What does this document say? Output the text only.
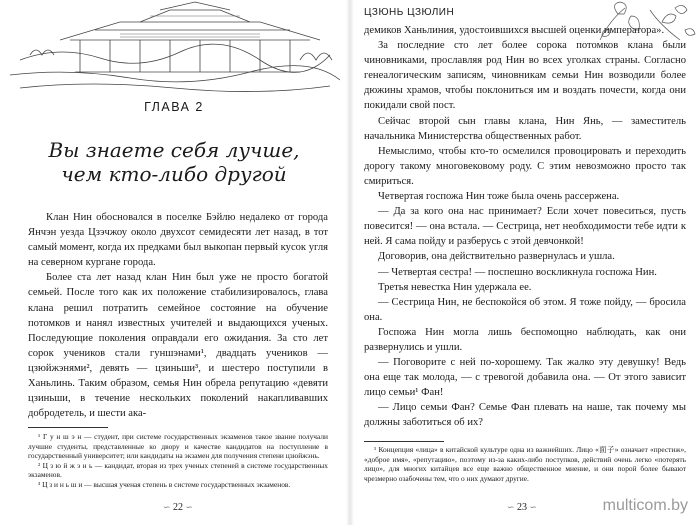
ГЛАВА 2
Вы знаете себя лучше,
чем кто-либо другой

Клан Нин обосновался в поселке Бэйлю недалеко от города Янчэн уезда Цзэчжоу около двухсот семидесяти лет назад, в тот самый момент, когда их предками был выкопан первый кусок угля на северном кургане города.

Более ста лет назад клан Нин был уже не просто богатой семьей. После того как их положение стабилизировалось, глава клана решил потратить семейное состояние на обучение потомков и нанял известных учителей и выдающихся ученых. Последующие поколения оправдали его ожидания. За сто лет сорок учеников стали гуншэнами¹, двадцать учеников — цзюйжэнями², девять — цзиньши³, и шестеро поступили в Ханьлинь. Таким образом, семья Нин обрела репутацию «девяти цзиньши, в течение нескольких поколений накапливавших добродетель, и шести ака-

¹ Г у н ш э н — студент, при системе государственных экзаменов такое звание получали лучшие студенты, представленные ко двору и качестве кандидатов на поступление в государственный университет; или кандидаты на экзамен для получения степени цзюйжэнь.

² Ц з ю й ж э н ь — кандидат, вторая из трех ученых степеней в системе государственных экзаменов.

³ Ц з и н ь ш и — высшая ученая степень в системе государственных экзаменов.

∽ 22 ∽
ЦЗЮНЬ ЦЗЮЛИН

демиков Ханьлиния, удостоившихся высшей оценки императора».

За последние сто лет более сорока потомков клана были чиновниками, прославляя род Нин во всех уголках страны. Согласно генеалогическим записям, чиновникам семьи Нин возводили более дюжины храмов, чтобы поклониться им и воздать почести, когда они покидали свой пост.

Сейчас второй сын главы клана, Нин Янь, — заместитель начальника Министерства общественных работ.

Немыслимо, чтобы кто-то осмелился провоцировать и переходить дорогу такому многовековому роду. С этим невозможно просто так смириться.

Четвертая госпожа Нин тоже была очень рассержена.

— Да за кого она нас принимает? Если хочет повеситься, пусть повесится! — она встала. — Сестрица, нет необходимости тебе идти к ней. Я сама пойду и разберусь с этой девчонкой!

Договорив, она действительно развернулась и ушла.

— Четвертая сестра! — поспешно воскликнула госпожа Нин.

Третья невестка Нин удержала ее.

— Сестрица Нин, не беспокойся об этом. Я тоже пойду, — бросила она.

Госпожа Нин могла лишь беспомощно наблюдать, как они развернулись и ушли.

— Поговорите с ней по-хорошему. Так жалко эту девушку! Ведь она еще так молода, — с тревогой добавила она. — От этого зависит лицо семьи¹ Фан!

— Лицо семьи Фан? Семье Фан плевать на наше, так почему мы должны заботиться об их?

¹ Концепция «лица» в китайской культуре одна из важнейших. Лицо «面子» означает «престиж», «доброе имя», «репутацию», поэтому из-за каких-либо поступков, действий очень легко «потерять лицо», для многих китайцев все еще важно общественное мнение, и они порой более бывают чрезмерно озабочены тем, что о них думают другие.

∽ 23 ∽	multicom.by
